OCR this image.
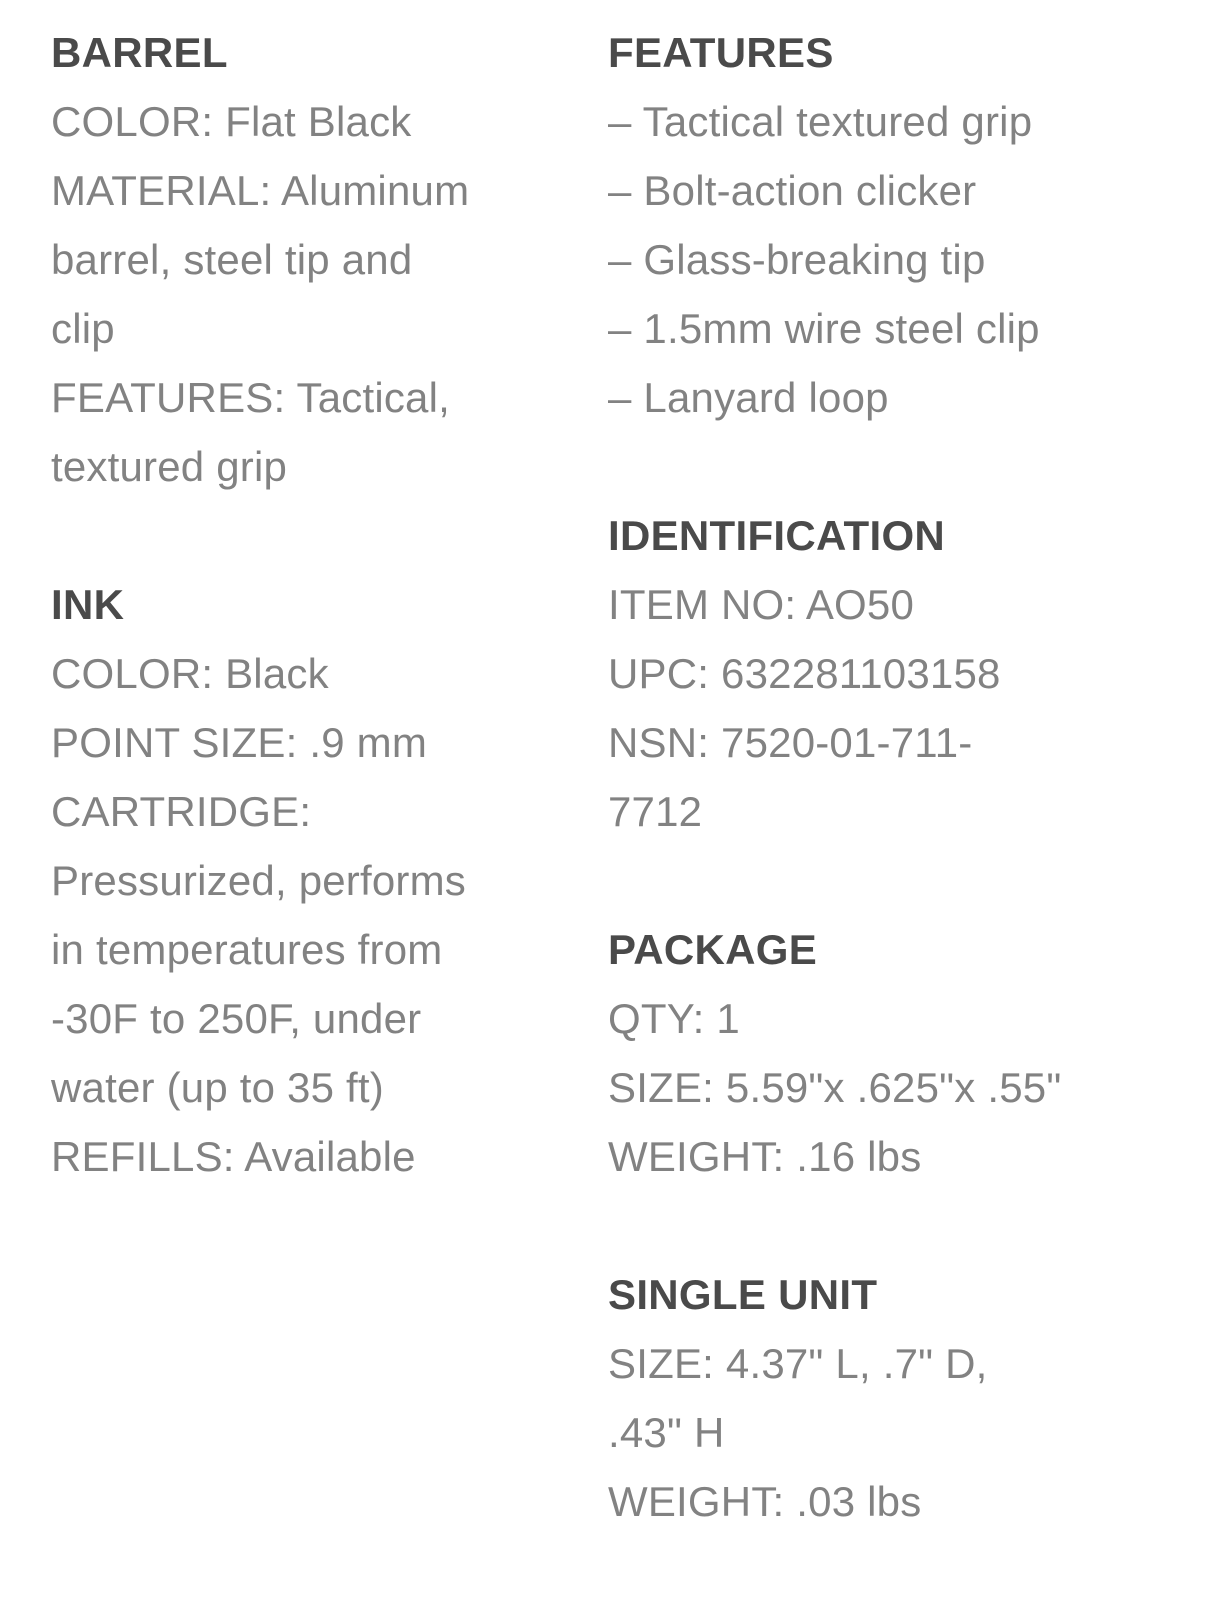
BARREL
COLOR: Flat Black
MATERIAL: Aluminum
barrel, steel tip and
clip
FEATURES: Tactical,
textured grip
INK
COLOR: Black
POINT SIZE: .9 mm
CARTRIDGE:
Pressurized, performs
in temperatures from
-30F to 250F, under
water (up to 35 ft)
REFILLS: Available
FEATURES
– Tactical textured grip
– Bolt-action clicker
– Glass-breaking tip
– 1.5mm wire steel clip
– Lanyard loop
IDENTIFICATION
ITEM NO: AO50
UPC: 632281103158
NSN: 7520-01-711-
7712
PACKAGE
QTY: 1
SIZE: 5.59"x .625"x .55"
WEIGHT: .16 lbs
SINGLE UNIT
SIZE: 4.37" L, .7" D,
.43" H
WEIGHT: .03 lbs
